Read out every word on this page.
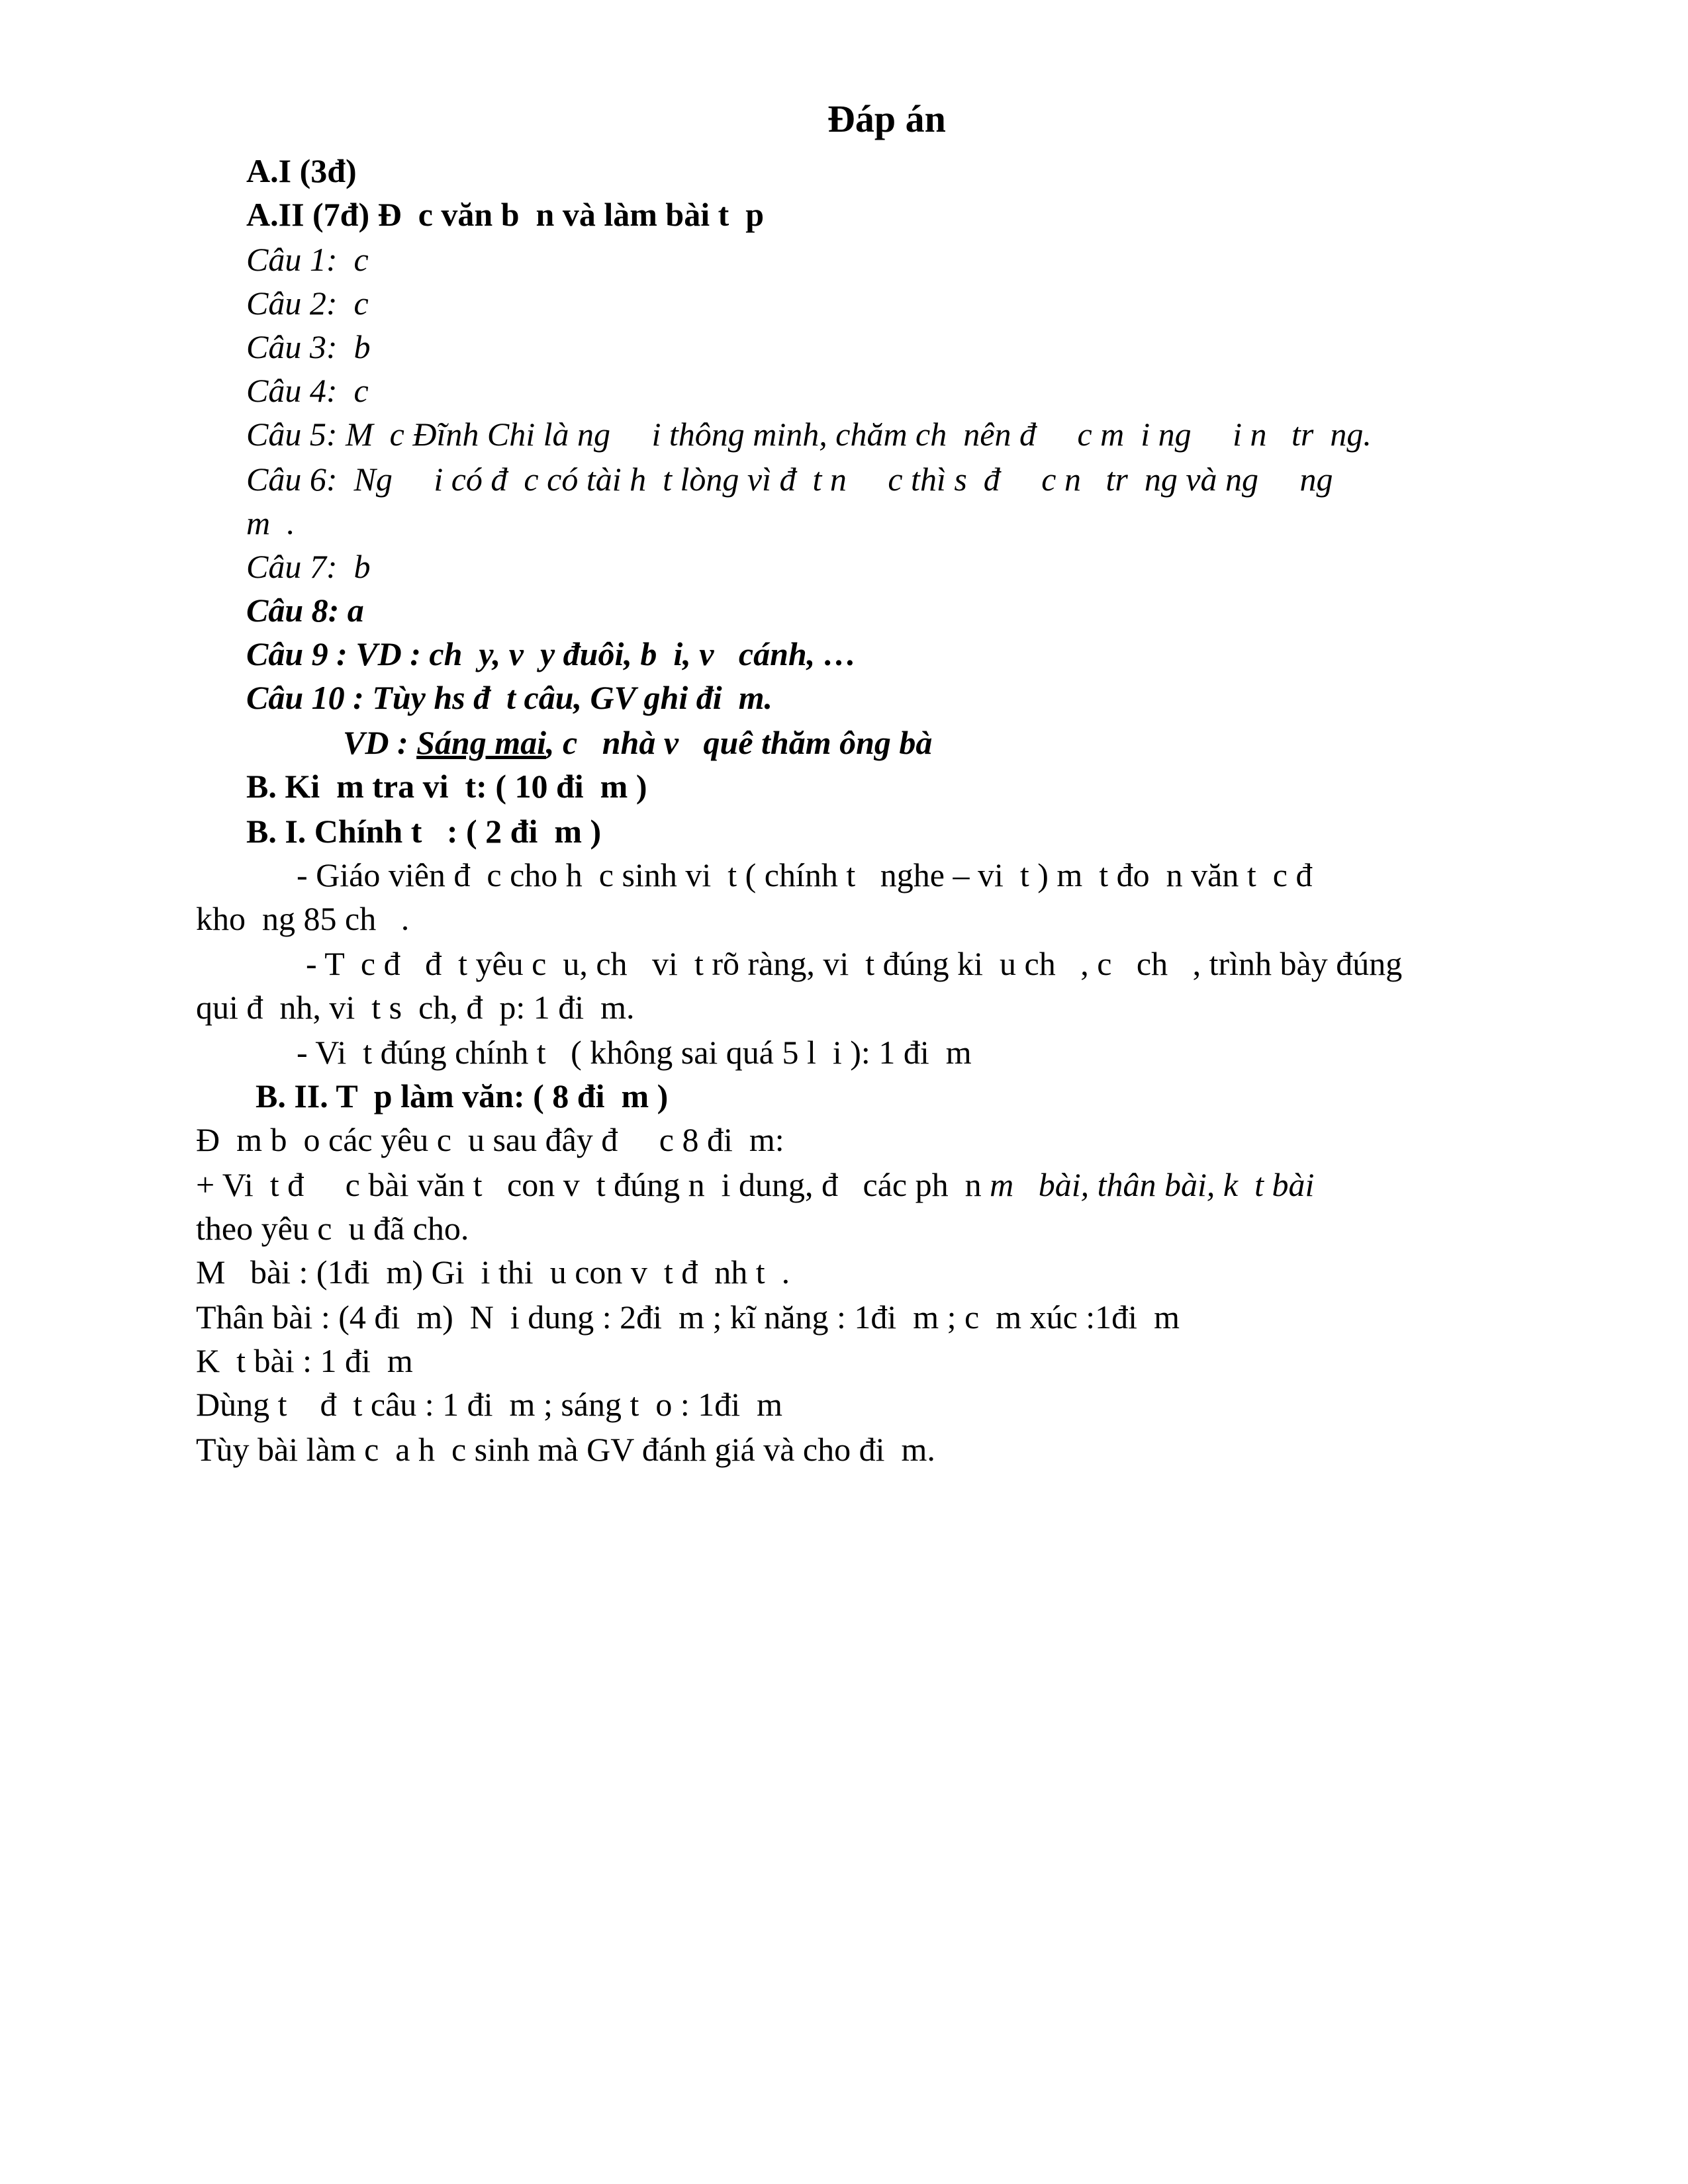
Đáp án
A.I (3đ)
A.II (7đ) Đ  c văn b  n và làm bài t  p
Câu 1:  c
Câu 2:  c
Câu 3:  b
Câu 4:  c
Câu 5: M  c Đĩnh Chi là ng     i thông minh, chăm ch  nên đ     c m  i ng     i n   tr  ng.
Câu 6:  Ng     i có đ  c có tài h  t lòng vì đ  t n     c thì s  đ     c n   tr  ng và ng     ng
m  .
Câu 7:  b
Câu 8: a
Câu 9 : VD : ch  y, v  y đuôi, b  i, v   cánh, …
Câu 10 : Tùy hs đ  t câu, GV ghi đi  m.
VD : Sáng mai, c   nhà v   quê thăm ông bà
B. Ki  m tra vi  t: ( 10 đi  m )
B. I. Chính t   : ( 2 đi  m )
- Giáo viên đ  c cho h  c sinh vi  t ( chính t   nghe – vi  t ) m  t đo  n văn t  c đ
kho  ng 85 ch   .
- T  c đ   đ  t yêu c  u, ch   vi  t rõ ràng, vi  t đúng ki  u ch   , c   ch   , trình bày đúng
qui đ  nh, vi  t s  ch, đ  p: 1 đi  m.
- Vi  t đúng chính t   ( không sai quá 5 l  i ): 1 đi  m
B. II. T  p làm văn: ( 8 đi  m )
Đ  m b  o các yêu c  u sau đây đ     c 8 đi  m:
+ Vi  t đ     c bài văn t   con v  t đúng n  i dung, đ   các ph  n m   bài, thân bài, k  t bài
theo yêu c  u đã cho.
M   bài : (1đi  m) Gi  i thi  u con v  t đ  nh t  .
Thân bài : (4 đi  m)  N  i dung : 2đi  m ; kĩ năng : 1đi  m ; c  m xúc :1đi  m
K  t bài : 1 đi  m
Dùng t    đ  t câu : 1 đi  m ; sáng t  o : 1đi  m
Tùy bài làm c  a h  c sinh mà GV đánh giá và cho đi  m.
